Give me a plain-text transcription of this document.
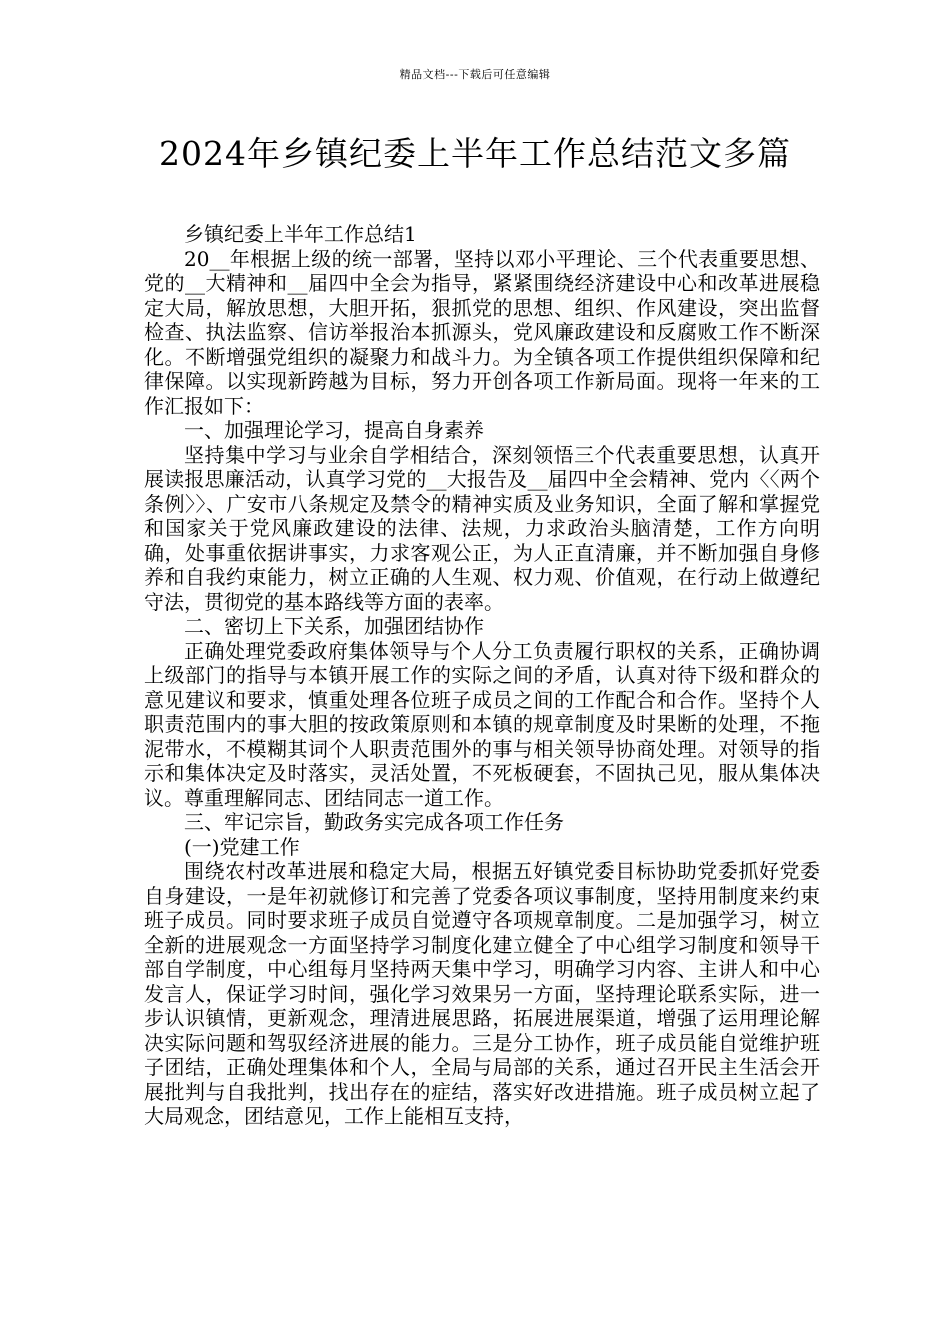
精品文档---下载后可任意编辑
2024年乡镇纪委上半年工作总结范文多篇

乡镇纪委上半年工作总结1

20__年根据上级的统一部署，坚持以邓小平理论、三个代表重要思想、党的__大精神和__届四中全会为指导，紧紧围绕经济建设中心和改革进展稳定大局，解放思想，大胆开拓，狠抓党的思想、组织、作风建设，突出监督检查、执法监察、信访举报治本抓源头，党风廉政建设和反腐败工作不断深化。不断增强党组织的凝聚力和战斗力。为全镇各项工作提供组织保障和纪律保障。以实现新跨越为目标，努力开创各项工作新局面。现将一年来的工作汇报如下：

一、加强理论学习，提高自身素养

坚持集中学习与业余自学相结合，深刻领悟三个代表重要思想，认真开展读报思廉活动，认真学习党的__大报告及__届四中全会精神、党内〈〈两个条例〉〉、广安市八条规定及禁令的精神实质及业务知识，全面了解和掌握党和国家关于党风廉政建设的法律、法规，力求政治头脑清楚，工作方向明确，处事重依据讲事实，力求客观公正，为人正直清廉，并不断加强自身修养和自我约束能力，树立正确的人生观、权力观、价值观，在行动上做遵纪守法，贯彻党的基本路线等方面的表率。

二、密切上下关系，加强团结协作

正确处理党委政府集体领导与个人分工负责履行职权的关系，正确协调上级部门的指导与本镇开展工作的实际之间的矛盾，认真对待下级和群众的意见建议和要求，慎重处理各位班子成员之间的工作配合和合作。坚持个人职责范围内的事大胆的按政策原则和本镇的规章制度及时果断的处理，不拖泥带水，不模糊其词个人职责范围外的事与相关领导协商处理。对领导的指示和集体决定及时落实，灵活处置，不死板硬套，不固执己见，服从集体决议。尊重理解同志、团结同志一道工作。

三、牢记宗旨，勤政务实完成各项工作任务

(一)党建工作

围绕农村改革进展和稳定大局，根据五好镇党委目标协助党委抓好党委自身建设，一是年初就修订和完善了党委各项议事制度，坚持用制度来约束班子成员。同时要求班子成员自觉遵守各项规章制度。二是加强学习，树立全新的进展观念一方面坚持学习制度化建立健全了中心组学习制度和领导干部自学制度，中心组每月坚持两天集中学习，明确学习内容、主讲人和中心发言人，保证学习时间，强化学习效果另一方面，坚持理论联系实际，进一步认识镇情，更新观念，理清进展思路，拓展进展渠道，增强了运用理论解决实际问题和驾驭经济进展的能力。三是分工协作，班子成员能自觉维护班子团结，正确处理集体和个人，全局与局部的关系，通过召开民主生活会开展批判与自我批判，找出存在的症结，落实好改进措施。班子成员树立起了大局观念，团结意见，工作上能相互支持，
